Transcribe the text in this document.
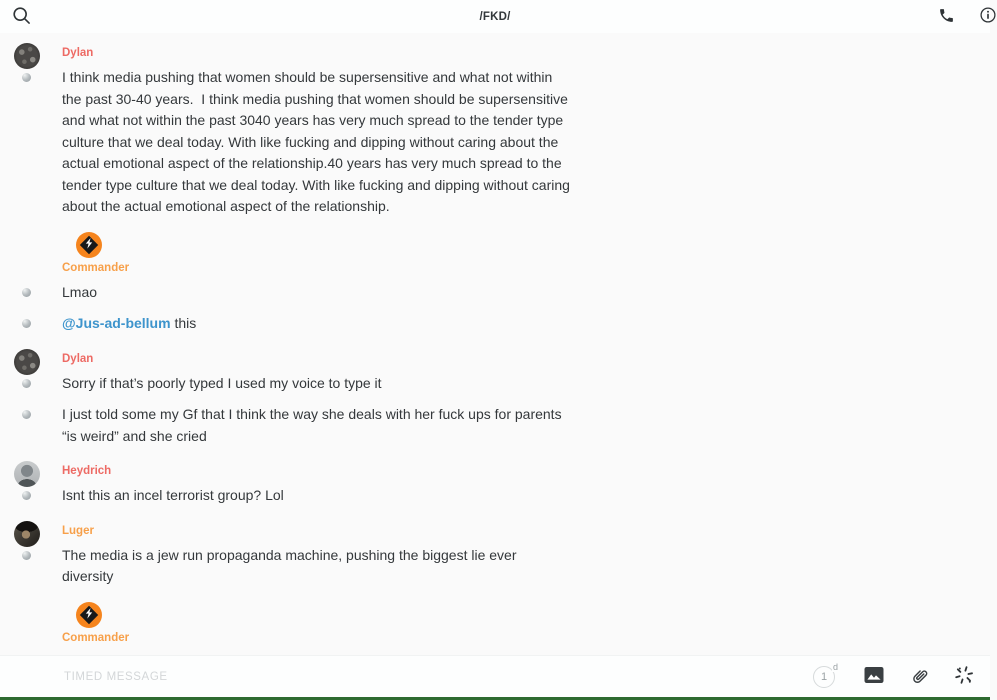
/FKD/
Dylan

I think media pushing that women should be supersensitive and what not within the past 30-40 years.  I think media pushing that women should be supersensitive and what not within the past 3040 years has very much spread to the tender type culture that we deal today. With like fucking and dipping without caring about the actual emotional aspect of the relationship.40 years has very much spread to the tender type culture that we deal today. With like fucking and dipping without caring about the actual emotional aspect of the relationship.

Commander

Lmao

@Jus-ad-bellum this

Dylan

Sorry if that’s poorly typed I used my voice to type it

I just told some my Gf that I think the way she deals with her fuck ups for parents “is weird” and she cried

Heydrich

Isnt this an incel terrorist group? Lol

Luger

The media is a jew run propaganda machine, pushing the biggest lie ever diversity

Commander

TIMED MESSAGE
1
d
